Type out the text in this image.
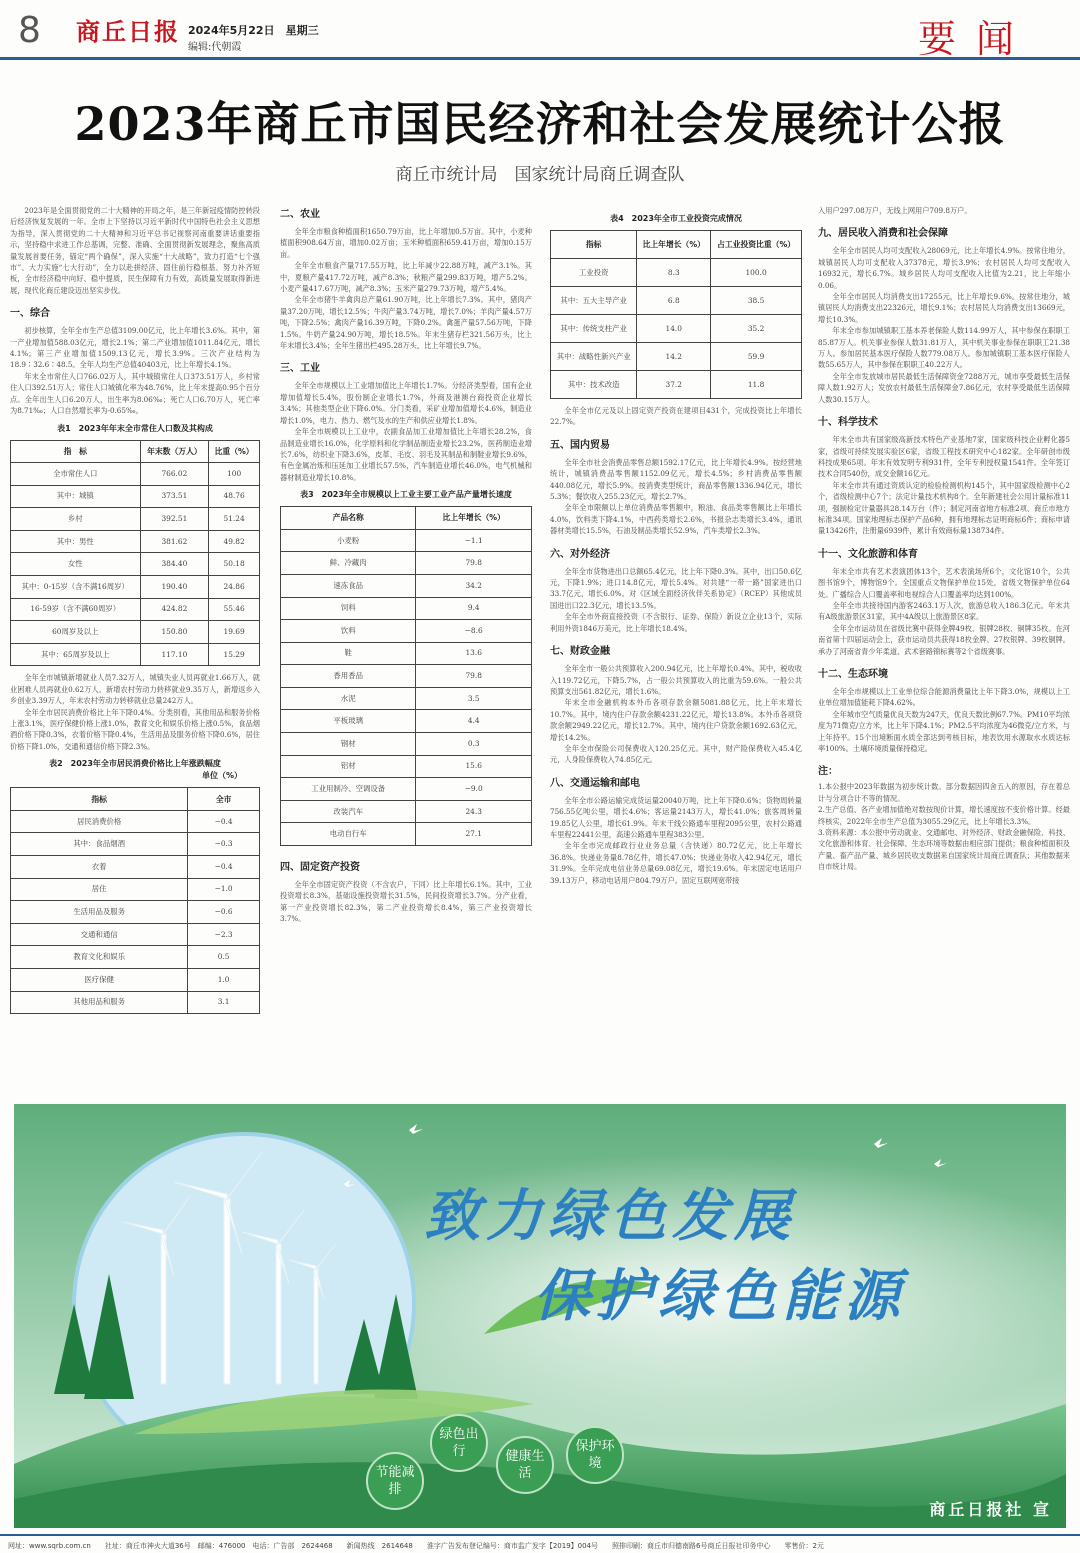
8 商丘日报 2024年5月22日　星期三
编辑:代朝霞	要闻
2023年商丘市国民经济和社会发展统计公报
商丘市统计局　国家统计局商丘调查队

2023年是全面贯彻党的二十大精神的开局之年，是三年新冠疫情防控转段后经济恢复发展的一年。全市上下坚持以习近平新时代中国特色社会主义思想为指导，深入贯彻党的二十大精神和习近平总书记视察河南重要讲话重要指示，坚持稳中求进工作总基调，完整、准确、全面贯彻新发展理念，聚焦高质量发展首要任务，锚定“两个确保”，深入实施“十大战略”，致力打造“七个强市”、大力实施“七大行动”，全力以赴拼经济、固住前行稳根基、努力补齐短板，全市经济稳中向好、稳中提质，民生保障有力有效，高质量发展取得新进展，现代化商丘建设迈出坚实步伐。

一、综合

初步核算，全年全市生产总值3109.00亿元，比上年增长3.6%。其中，第一产业增加值588.03亿元，增长2.1%；第二产业增加值1011.84亿元，增长4.1%；第三产业增加值1509.13亿元，增长3.9%。三次产业结构为18.9∶32.6∶48.5。全年人均生产总值40403元，比上年增长4.1%。

年末全市常住人口766.02万人，其中城镇常住人口373.51万人，乡村常住人口392.51万人；常住人口城镇化率为48.76%，比上年末提高0.95个百分点。全年出生人口6.20万人，出生率为8.06‰；死亡人口6.70万人，死亡率为8.71‰；人口自然增长率为-0.65‰。

表1　2023年年末全市常住人口数及其构成
指　标	年末数（万人）	比重（%）
全市常住人口	766.02	100
其中：城镇	373.51	48.76
乡村	392.51	51.24
其中：男性	381.62	49.82
女性	384.40	50.18
其中：0-15岁（含不满16周岁）	190.40	24.86
16-59岁（含不满60周岁）	424.82	55.46
60周岁及以上	150.80	19.69
其中：65周岁及以上	117.10	15.29

全年全市城镇新增就业人员7.32万人，城镇失业人员再就业1.66万人，就业困难人员再就业0.62万人。新增农村劳动力转移就业9.35万人，新增返乡入乡创业3.39万人，年末农村劳动力转移就业总量242万人。

全年全市居民消费价格比上年下降0.4%。分类别看，其他用品和服务价格上涨3.1%，医疗保健价格上涨1.0%，教育文化和娱乐价格上涨0.5%，食品烟酒价格下降0.3%，衣着价格下降0.4%，生活用品及服务价格下降0.6%，居住价格下降1.0%，交通和通信价格下降2.3%。

表2　2023年全市居民消费价格比上年涨跌幅度
单位（%）
指标	全市
居民消费价格	−0.4
其中：食品烟酒	−0.3
衣着	−0.4
居住	−1.0
生活用品及服务	−0.6
交通和通信	−2.3
教育文化和娱乐	0.5
医疗保健	1.0
其他用品和服务	3.1
二、农业

全年全市粮食种植面积1650.79万亩，比上年增加0.5万亩。其中，小麦种植面积908.64万亩，增加0.02万亩；玉米种植面积659.41万亩，增加0.15万亩。

全年全市粮食产量717.55万吨，比上年减少22.88万吨，减产3.1%。其中，夏粮产量417.72万吨，减产8.3%；秋粮产量299.83万吨，增产5.2%。小麦产量417.67万吨，减产8.3%；玉米产量279.73万吨，增产5.4%。

全年全市猪牛羊禽肉总产量61.90万吨，比上年增长7.3%。其中，猪肉产量37.20万吨，增长12.5%；牛肉产量3.74万吨，增长7.0%；羊肉产量4.57万吨，下降2.5%；禽肉产量16.39万吨，下降0.2%。禽蛋产量57.56万吨，下降1.5%。牛奶产量24.90万吨，增长18.5%。年末生猪存栏321.56万头，比上年末增长3.4%；全年生猪出栏495.28万头，比上年增长9.7%。

三、工业

全年全市规模以上工业增加值比上年增长1.7%。分经济类型看，国有企业增加值增长5.4%，股份制企业增长1.7%，外商及港澳台商投资企业增长3.4%；其他类型企业下降6.0%。分门类看，采矿业增加值增长4.6%，制造业增长1.0%，电力、热力、燃气及水的生产和供应业增长1.8%。

全年全市规模以上工业中，农副食品加工业增加值比上年增长28.2%，食品制造业增长16.0%，化学原料和化学制品制造业增长23.2%，医药制造业增长7.6%，纺织业下降3.6%，皮革、毛皮、羽毛及其制品和制鞋业增长9.6%，有色金属冶炼和压延加工业增长57.5%，汽车制造业增长46.0%，电气机械和器材制造业增长10.8%。

表3　2023年全市规模以上工业主要工业产品产量增长速度
产品名称	比上年增长（%）
小麦粉	−1.1
鲜、冷藏肉	79.8
速冻食品	34.2
饲料	9.4
饮料	−8.6
鞋	13.6
香用香品	79.8
水泥	3.5
平板玻璃	4.4
钢材	0.3
铝材	15.6
工业用制冷、空调设备	−9.0
改装汽车	24.3
电动自行车	27.1
四、固定资产投资

全年全市固定资产投资（不含农户，下同）比上年增长6.1%。其中，工业投资增长8.3%，基础设施投资增长31.5%，民间投资增长3.7%。分产业看，第一产业投资增长82.3%，第二产业投资增长8.4%，第三产业投资增长3.7%。

表4　2023年全市工业投资完成情况
指标	比上年增长（%）	占工业投资比重（%）
工业投资	8.3	100.0
其中：五大主导产业	6.8	38.5
其中：传统支柱产业	14.0	35.2
其中：战略性新兴产业	14.2	59.9
其中：技术改造	37.2	11.8

全年全市亿元及以上固定资产投资在建项目431个，完成投资比上年增长22.7%。

五、国内贸易

全年全市社会消费品零售总额1592.17亿元，比上年增长4.9%。按经营地统计，城镇消费品零售额1152.09亿元，增长4.5%；乡村消费品零售额440.08亿元，增长5.9%。按消费类型统计，商品零售额1336.94亿元，增长5.3%；餐饮收入255.23亿元，增长2.7%。

全年全市限额以上单位消费品零售额中，粮油、食品类零售额比上年增长4.0%，饮料类下降4.1%，中西药类增长2.6%，书报杂志类增长3.4%，通讯器材类增长15.5%，石油及制品类增长52.9%，汽车类增长2.3%。

六、对外经济

全年全市货物进出口总额65.4亿元，比上年下降0.3%。其中，出口50.6亿元，下降1.9%；进口14.8亿元，增长5.4%。对共建“一带一路”国家进出口33.7亿元，增长6.0%。对《区域全面经济伙伴关系协定》（RCEP）其他成员国进出口22.3亿元，增长13.5%。

全年全市外商直接投资（不含银行、证券、保险）新设立企业13个，实际利用外资1846万美元，比上年增长18.4%。

七、财政金融

全年全市一般公共预算收入200.94亿元，比上年增长0.4%。其中，税收收入119.72亿元，下降5.7%，占一般公共预算收入的比重为59.6%。一般公共预算支出561.82亿元，增长1.6%。

年末全市金融机构本外币各项存款余额5081.88亿元，比上年末增长10.7%。其中，境内住户存款余额4231.22亿元，增长13.8%。本外币各项贷款余额2949.22亿元，增长12.7%。其中，境内住户贷款余额1692.63亿元，增长14.2%。

全年全市保险公司保费收入120.25亿元。其中，财产险保费收入45.4亿元，人身险保费收入74.85亿元。

八、交通运输和邮电

全年全市公路运输完成货运量20040万吨，比上年下降0.6%；货物周转量756.55亿吨公里，增长4.6%；客运量2143万人，增长41.0%；旅客周转量19.85亿人公里，增长61.9%。年末干线公路通车里程2095公里，农村公路通车里程22441公里，高速公路通车里程383公里。

全年全市完成邮政行业业务总量（含快递）80.72亿元，比上年增长36.8%。快递业务量8.78亿件，增长47.0%；快递业务收入42.94亿元，增长31.9%。全年完成电信业务总量69.08亿元，增长19.6%。年末固定电话用户39.13万户，移动电话用户804.79万户。固定互联网宽带接

入用户297.08万户，无线上网用户709.8万户。

九、居民收入消费和社会保障

全年全市居民人均可支配收入28069元，比上年增长4.9%。按常住地分，城镇居民人均可支配收入37378元，增长3.9%；农村居民人均可支配收入16932元，增长6.7%。城乡居民人均可支配收入比值为2.21，比上年缩小0.06。

全年全市居民人均消费支出17255元，比上年增长9.6%。按常住地分，城镇居民人均消费支出22326元，增长9.1%；农村居民人均消费支出13669元，增长10.3%。

年末全市参加城镇职工基本养老保险人数114.99万人，其中参保在职职工85.87万人。机关事业参保人数31.81万人，其中机关事业参保在职职工21.38万人。参加居民基本医疗保险人数779.08万人。参加城镇职工基本医疗保险人数55.65万人，其中参保在职职工40.22万人。

全年全市发放城市居民最低生活保障资金7288万元，城市享受最低生活保障人数1.92万人；发放农村最低生活保障金7.86亿元，农村享受最低生活保障人数30.15万人。

十、科学技术

年末全市共有国家级高新技术特色产业基地7家，国家级科技企业孵化器5家，省级可持续发展实验区6家，省级工程技术研究中心182家。全年研创市级科技成果65项。年末有效发明专利931件，全年专利授权量1541件。全年签订技术合同540份，成交金额16亿元。

年末全市共有通过资质认定的检验检测机构145个，其中国家级检测中心2个，省级检测中心7个；法定计量技术机构8个。全年新建社会公用计量标准11项，强制检定计量器具28.14万台（件）；制定河南省地方标准2项、商丘市地方标准34项。国家地理标志保护产品6种，拥有地理标志证明商标6件；商标申请量13426件，注册量6939件，累计有效商标量138734件。

十一、文化旅游和体育

年末全市共有艺术表演团体13个，艺术表演场所6个，文化馆10个，公共图书馆9个，博物馆9个。全国重点文物保护单位15处，省级文物保护单位64处。广播综合人口覆盖率和电视综合人口覆盖率均达到100%。

全年全市共接待国内游客2463.1万人次，旅游总收入186.3亿元。年末共有A级旅游景区31家，其中4A级以上旅游景区8家。

全年全市运动员在省级比赛中获得金牌49枚、银牌28枚、铜牌35枚。在河南省第十四届运动会上，获市运动员共获得18枚金牌、27枚银牌、39枚铜牌。承办了河南省青少年柔道、武术套路锦标赛等2个省级赛事。

十二、生态环境

全年全市规模以上工业单位综合能源消费量比上年下降3.0%，规模以上工业单位增加值能耗下降4.62%。

全年城市空气质量优良天数为247天，优良天数比例67.7%。PM10平均浓度为71微克/立方米，比上年下降4.1%；PM2.5平均浓度为46微克/立方米，与上年持平。15个出境断面水质全部达到考核目标，地表饮用水源取水水质达标率100%。土壤环境质量保持稳定。

注：

1.本公报中2023年数据为初步统计数。部分数据因四舍五入的原因，存在着总计与分项合计不等的情况。

2.生产总值、各产业增加值绝对数按现价计算，增长速度按不变价格计算。经最终核实，2022年全市生产总值为3055.29亿元，比上年增长3.3%。

3.资料来源：本公报中劳动就业、交通邮电、对外经济、财政金融保险、科技、文化旅游和体育、社会保障、生态环境等数据由相应部门提供；粮食种植面积及产量、畜产品产量、城乡居民收支数据来自国家统计局商丘调查队；其他数据来自市统计局。

致力绿色发展
保护绿色能源
节能减排
绿色出行	健康生活
保护环境
商丘日报社 宣
网址：www.sqrb.com.cn　　社址：商丘市神火大道36号　邮编：476000　电话：广告部　2624468　　新闻热线　2614648　　淮字广告发布登记编号：商市监广发字【2019】004号　　照排印刷：商丘市归德南路6号商丘日报社印务中心　　零售价：2元
